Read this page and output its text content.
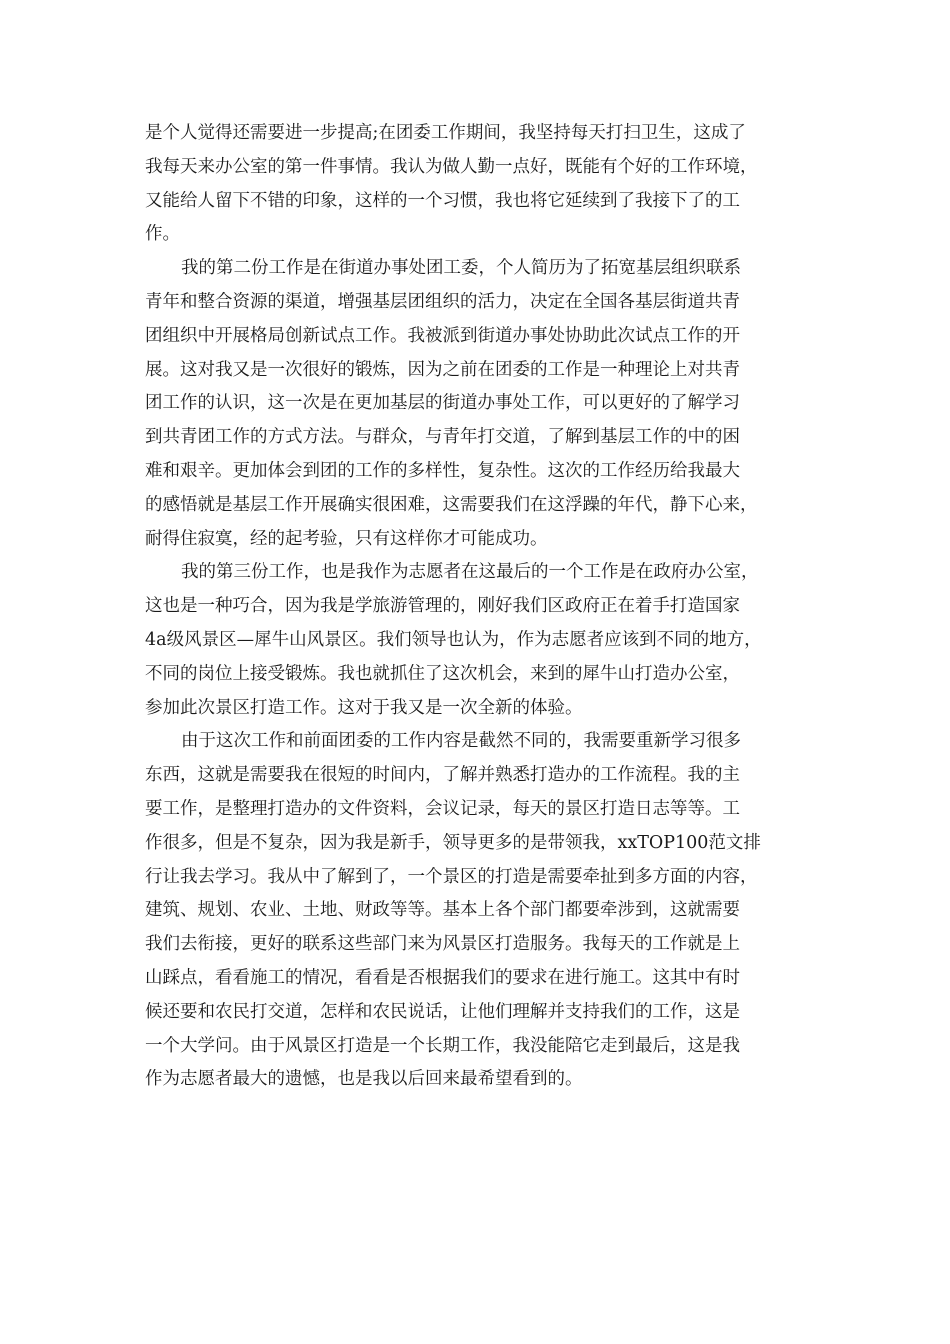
是个人觉得还需要进一步提高;在团委工作期间，我坚持每天打扫卫生，这成了
我每天来办公室的第一件事情。我认为做人勤一点好，既能有个好的工作环境，
又能给人留下不错的印象，这样的一个习惯，我也将它延续到了我接下了的工
作。
我的第二份工作是在街道办事处团工委，个人简历为了拓宽基层组织联系
青年和整合资源的渠道，增强基层团组织的活力，决定在全国各基层街道共青
团组织中开展格局创新试点工作。我被派到街道办事处协助此次试点工作的开
展。这对我又是一次很好的锻炼，因为之前在团委的工作是一种理论上对共青
团工作的认识，这一次是在更加基层的街道办事处工作，可以更好的了解学习
到共青团工作的方式方法。与群众，与青年打交道，了解到基层工作的中的困
难和艰辛。更加体会到团的工作的多样性，复杂性。这次的工作经历给我最大
的感悟就是基层工作开展确实很困难，这需要我们在这浮躁的年代，静下心来，
耐得住寂寞，经的起考验，只有这样你才可能成功。
我的第三份工作，也是我作为志愿者在这最后的一个工作是在政府办公室，
这也是一种巧合，因为我是学旅游管理的，刚好我们区政府正在着手打造国家
4a级风景区—犀牛山风景区。我们领导也认为，作为志愿者应该到不同的地方，
不同的岗位上接受锻炼。我也就抓住了这次机会，来到的犀牛山打造办公室，
参加此次景区打造工作。这对于我又是一次全新的体验。
由于这次工作和前面团委的工作内容是截然不同的，我需要重新学习很多
东西，这就是需要我在很短的时间内，了解并熟悉打造办的工作流程。我的主
要工作，是整理打造办的文件资料，会议记录，每天的景区打造日志等等。工
作很多，但是不复杂，因为我是新手，领导更多的是带领我，xxTOP100范文排
行让我去学习。我从中了解到了，一个景区的打造是需要牵扯到多方面的内容，
建筑、规划、农业、土地、财政等等。基本上各个部门都要牵涉到，这就需要
我们去衔接，更好的联系这些部门来为风景区打造服务。我每天的工作就是上
山踩点，看看施工的情况，看看是否根据我们的要求在进行施工。这其中有时
候还要和农民打交道，怎样和农民说话，让他们理解并支持我们的工作，这是
一个大学问。由于风景区打造是一个长期工作，我没能陪它走到最后，这是我
作为志愿者最大的遗憾，也是我以后回来最希望看到的。
